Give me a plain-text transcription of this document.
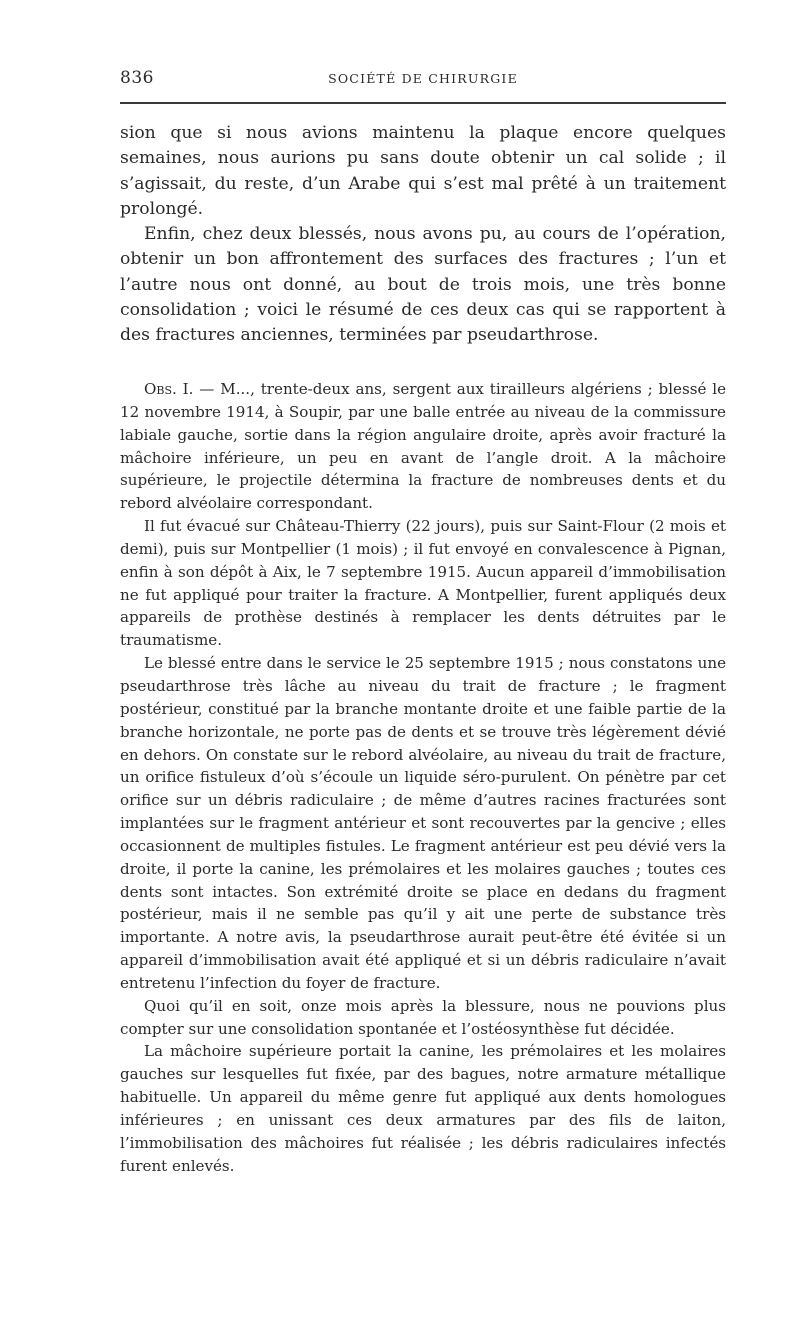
836	SOCIÉTÉ DE CHIRURGIE

sion que si nous avions maintenu la plaque encore quelques semaines, nous aurions pu sans doute obtenir un cal solide ; il s’agissait, du reste, d’un Arabe qui s’est mal prêté à un traitement prolongé.

Enfin, chez deux blessés, nous avons pu, au cours de l’opération, obtenir un bon affrontement des surfaces des fractures ; l’un et l’autre nous ont donné, au bout de trois mois, une très bonne consolidation ; voici le résumé de ces deux cas qui se rapportent à des fractures anciennes, terminées par pseudarthrose.

Obs. I. — M..., trente-deux ans, sergent aux tirailleurs algériens ; blessé le 12 novembre 1914, à Soupir, par une balle entrée au niveau de la commissure labiale gauche, sortie dans la région angulaire droite, après avoir fracturé la mâchoire inférieure, un peu en avant de l’angle droit. A la mâchoire supérieure, le projectile détermina la fracture de nombreuses dents et du rebord alvéolaire correspondant.

Il fut évacué sur Château-Thierry (22 jours), puis sur Saint-Flour (2 mois et demi), puis sur Montpellier (1 mois) ; il fut envoyé en convalescence à Pignan, enfin à son dépôt à Aix, le 7 septembre 1915. Aucun appareil d’immobilisation ne fut appliqué pour traiter la fracture. A Montpellier, furent appliqués deux appareils de prothèse destinés à remplacer les dents détruites par le traumatisme.

Le blessé entre dans le service le 25 septembre 1915 ; nous constatons une pseudarthrose très lâche au niveau du trait de fracture ; le fragment postérieur, constitué par la branche montante droite et une faible partie de la branche horizontale, ne porte pas de dents et se trouve très légèrement dévié en dehors. On constate sur le rebord alvéolaire, au niveau du trait de fracture, un orifice fistuleux d’où s’écoule un liquide séro-purulent. On pénètre par cet orifice sur un débris radiculaire ; de même d’autres racines fracturées sont implantées sur le fragment antérieur et sont recouvertes par la gencive ; elles occasionnent de multiples fistules. Le fragment antérieur est peu dévié vers la droite, il porte la canine, les prémolaires et les molaires gauches ; toutes ces dents sont intactes. Son extrémité droite se place en dedans du fragment postérieur, mais il ne semble pas qu’il y ait une perte de substance très importante. A notre avis, la pseudarthrose aurait peut-être été évitée si un appareil d’immobilisation avait été appliqué et si un débris radiculaire n’avait entretenu l’infection du foyer de fracture.

Quoi qu’il en soit, onze mois après la blessure, nous ne pouvions plus compter sur une consolidation spontanée et l’ostéosynthèse fut décidée.

La mâchoire supérieure portait la canine, les prémolaires et les molaires gauches sur lesquelles fut fixée, par des bagues, notre armature métallique habituelle. Un appareil du même genre fut appliqué aux dents homologues inférieures ; en unissant ces deux armatures par des fils de laiton, l’immobilisation des mâchoires fut réalisée ; les débris radiculaires infectés furent enlevés.
